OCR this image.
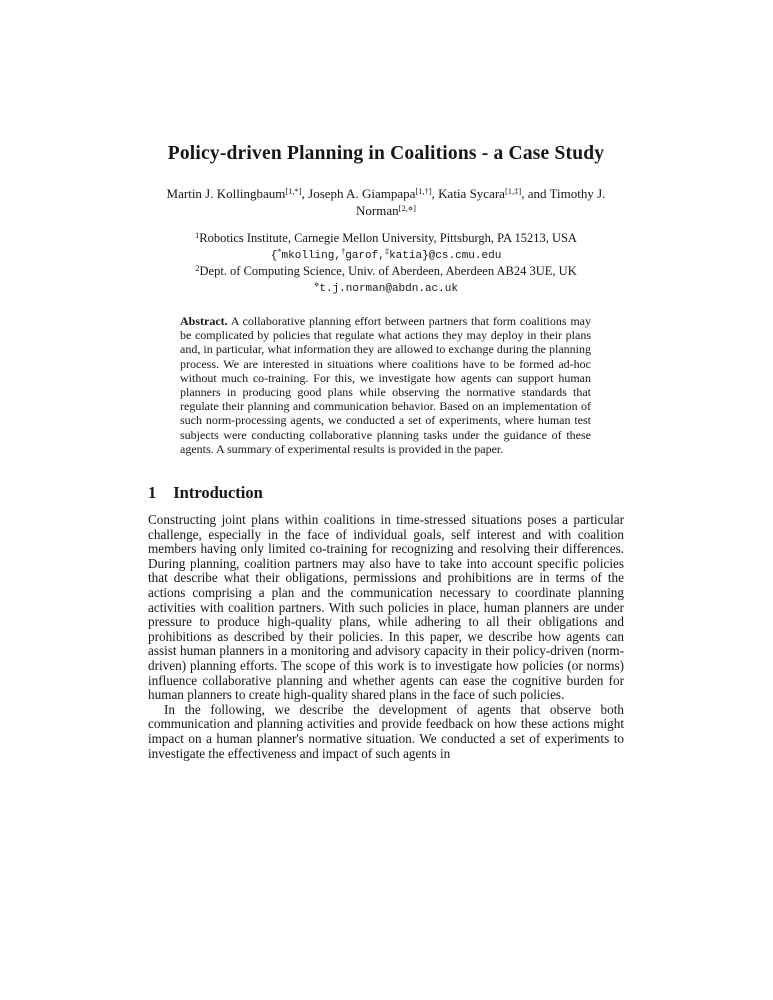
Policy-driven Planning in Coalitions - a Case Study
Martin J. Kollingbaum[1,*], Joseph A. Giampapa[1,†], Katia Sycara[1,‡], and Timothy J. Norman[2,⋄]
$^1$Robotics Institute, Carnegie Mellon University, Pittsburgh, PA 15213, USA
{*mkolling,†garof,‡katia}@cs.cmu.edu
$^2$Dept. of Computing Science, Univ. of Aberdeen, Aberdeen AB24 3UE, UK
⋄t.j.norman@abdn.ac.uk
Abstract. A collaborative planning effort between partners that form coalitions may be complicated by policies that regulate what actions they may deploy in their plans and, in particular, what information they are allowed to exchange during the planning process. We are interested in situations where coalitions have to be formed ad-hoc without much co-training. For this, we investigate how agents can support human planners in producing good plans while observing the normative standards that regulate their planning and communication behavior. Based on an implementation of such norm-processing agents, we conducted a set of experiments, where human test subjects were conducting collaborative planning tasks under the guidance of these agents. A summary of experimental results is provided in the paper.
1 Introduction

Constructing joint plans within coalitions in time-stressed situations poses a particular challenge, especially in the face of individual goals, self interest and with coalition members having only limited co-training for recognizing and resolving their differences. During planning, coalition partners may also have to take into account specific policies that describe what their obligations, permissions and prohibitions are in terms of the actions comprising a plan and the communication necessary to coordinate planning activities with coalition partners. With such policies in place, human planners are under pressure to produce high-quality plans, while adhering to all their obligations and prohibitions as described by their policies. In this paper, we describe how agents can assist human planners in a monitoring and advisory capacity in their policy-driven (norm-driven) planning efforts. The scope of this work is to investigate how policies (or norms) influence collaborative planning and whether agents can ease the cognitive burden for human planners to create high-quality shared plans in the face of such policies.

In the following, we describe the development of agents that observe both communication and planning activities and provide feedback on how these actions might impact on a human planner's normative situation. We conducted a set of experiments to investigate the effectiveness and impact of such agents in
